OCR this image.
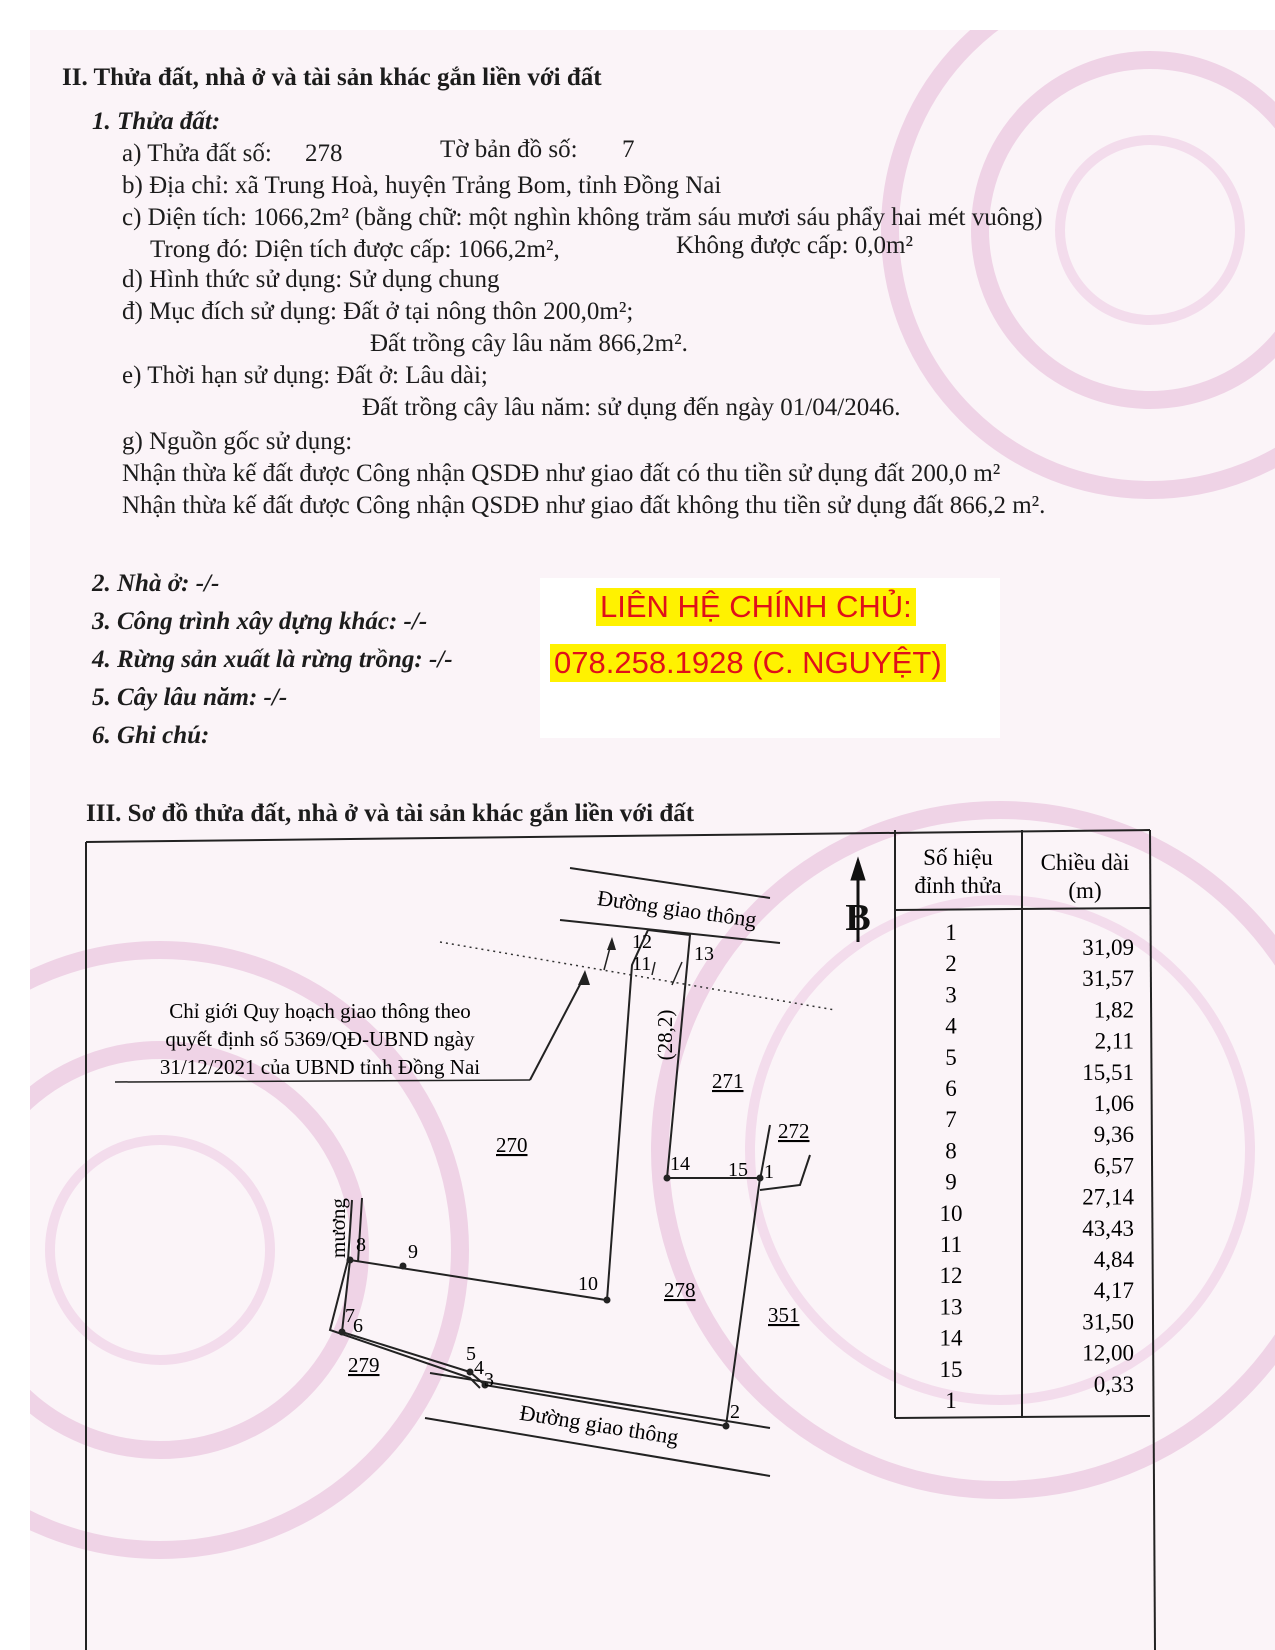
II. Thửa đất, nhà ở và tài sản khác gắn liền với đất
1. Thửa đất:
a) Thửa đất số: 278	Tờ bản đồ số: 7
b) Địa chỉ: xã Trung Hoà, huyện Trảng Bom, tỉnh Đồng Nai
c) Diện tích: 1066,2m² (bằng chữ: một nghìn không trăm sáu mươi sáu phẩy hai mét vuông)
Trong đó: Diện tích được cấp: 1066,2m²,	Không được cấp: 0,0m²
d) Hình thức sử dụng: Sử dụng chung
đ) Mục đích sử dụng: Đất ở tại nông thôn 200,0m²;
Đất trồng cây lâu năm 866,2m².
e) Thời hạn sử dụng: Đất ở: Lâu dài;
Đất trồng cây lâu năm: sử dụng đến ngày 01/04/2046.
g) Nguồn gốc sử dụng:
Nhận thừa kế đất được Công nhận QSDĐ như giao đất có thu tiền sử dụng đất 200,0 m²
Nhận thừa kế đất được Công nhận QSDĐ như giao đất không thu tiền sử dụng đất 866,2 m².
2. Nhà ở: -/-
3. Công trình xây dựng khác: -/-
4. Rừng sản xuất là rừng trồng: -/-
5. Cây lâu năm: -/-
6. Ghi chú:
LIÊN HỆ CHÍNH CHỦ:
078.258.1928 (C. NGUYỆT)
III. Sơ đồ thửa đất, nhà ở và tài sản khác gắn liền với đất
Số hiệu
đỉnh thửa
Chiều dài
(m)
1
31,09
2
31,57
3
1,82
4
2,11
5
15,51
6
1,06
7
9,36
8
6,57
9
27,14
10
43,43
11
4,84
12
4,17
13
31,50
14
12,00
15
0,33
1
B
Đường giao thông
Đường giao thông
Chỉ giới Quy hoạch giao thông theo
quyết định số 5369/QĐ-UBND ngày
31/12/2021 của UBND tỉnh Đồng Nai
mương
(28,2)
270
271
272
278
279
351
1
2
3
4
5
6
7
8 9
10
11
12
13
14 15
